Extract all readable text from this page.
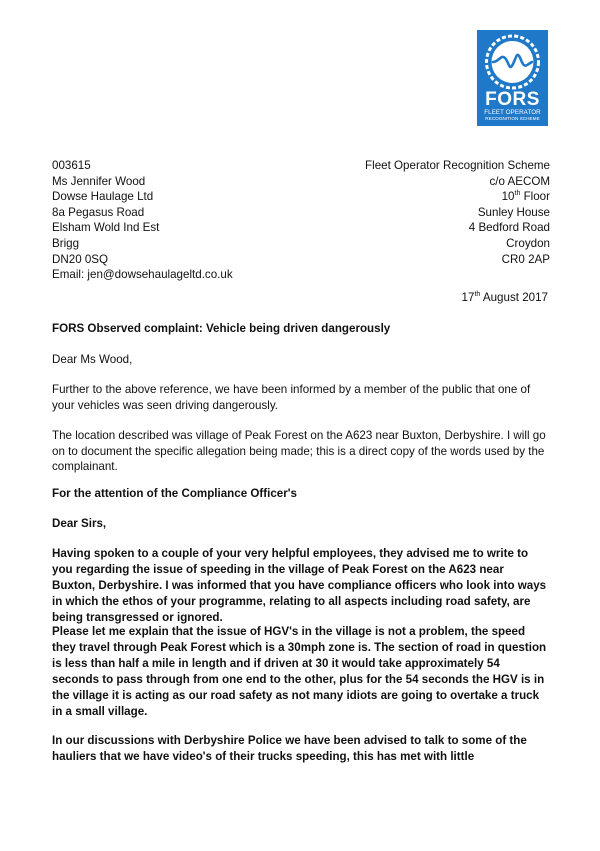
FORS
FLEET OPERATOR
RECOGNITION SCHEME
003615
Ms Jennifer Wood
Dowse Haulage Ltd
8a Pegasus Road
Elsham Wold Ind Est
Brigg
DN20 0SQ
Email: jen@dowsehaulageltd.co.uk
Fleet Operator Recognition Scheme
c/o AECOM
10th Floor
Sunley House
4 Bedford Road
Croydon
CR0 2AP
17th August 2017
FORS Observed complaint: Vehicle being driven dangerously
Dear Ms Wood,
Further to the above reference, we have been informed by a member of the public that one of your vehicles was seen driving dangerously.
The location described was village of Peak Forest on the A623 near Buxton, Derbyshire. I will go on to document the specific allegation being made; this is a direct copy of the words used by the complainant.
For the attention of the Compliance Officer's
Dear Sirs,
Having spoken to a couple of your very helpful employees, they advised me to write to you regarding the issue of speeding in the village of Peak Forest on the A623 near Buxton, Derbyshire. I was informed that you have compliance officers who look into ways in which the ethos of your programme, relating to all aspects including road safety, are being transgressed or ignored.
Please let me explain that the issue of HGV's in the village is not a problem, the speed they travel through Peak Forest which is a 30mph zone is. The section of road in question is less than half a mile in length and if driven at 30 it would take approximately 54 seconds to pass through from one end to the other, plus for the 54 seconds the HGV is in the village it is acting as our road safety as not many idiots are going to overtake a truck in a small village.
In our discussions with Derbyshire Police we have been advised to talk to some of the hauliers that we have video's of their trucks speeding, this has met with little
